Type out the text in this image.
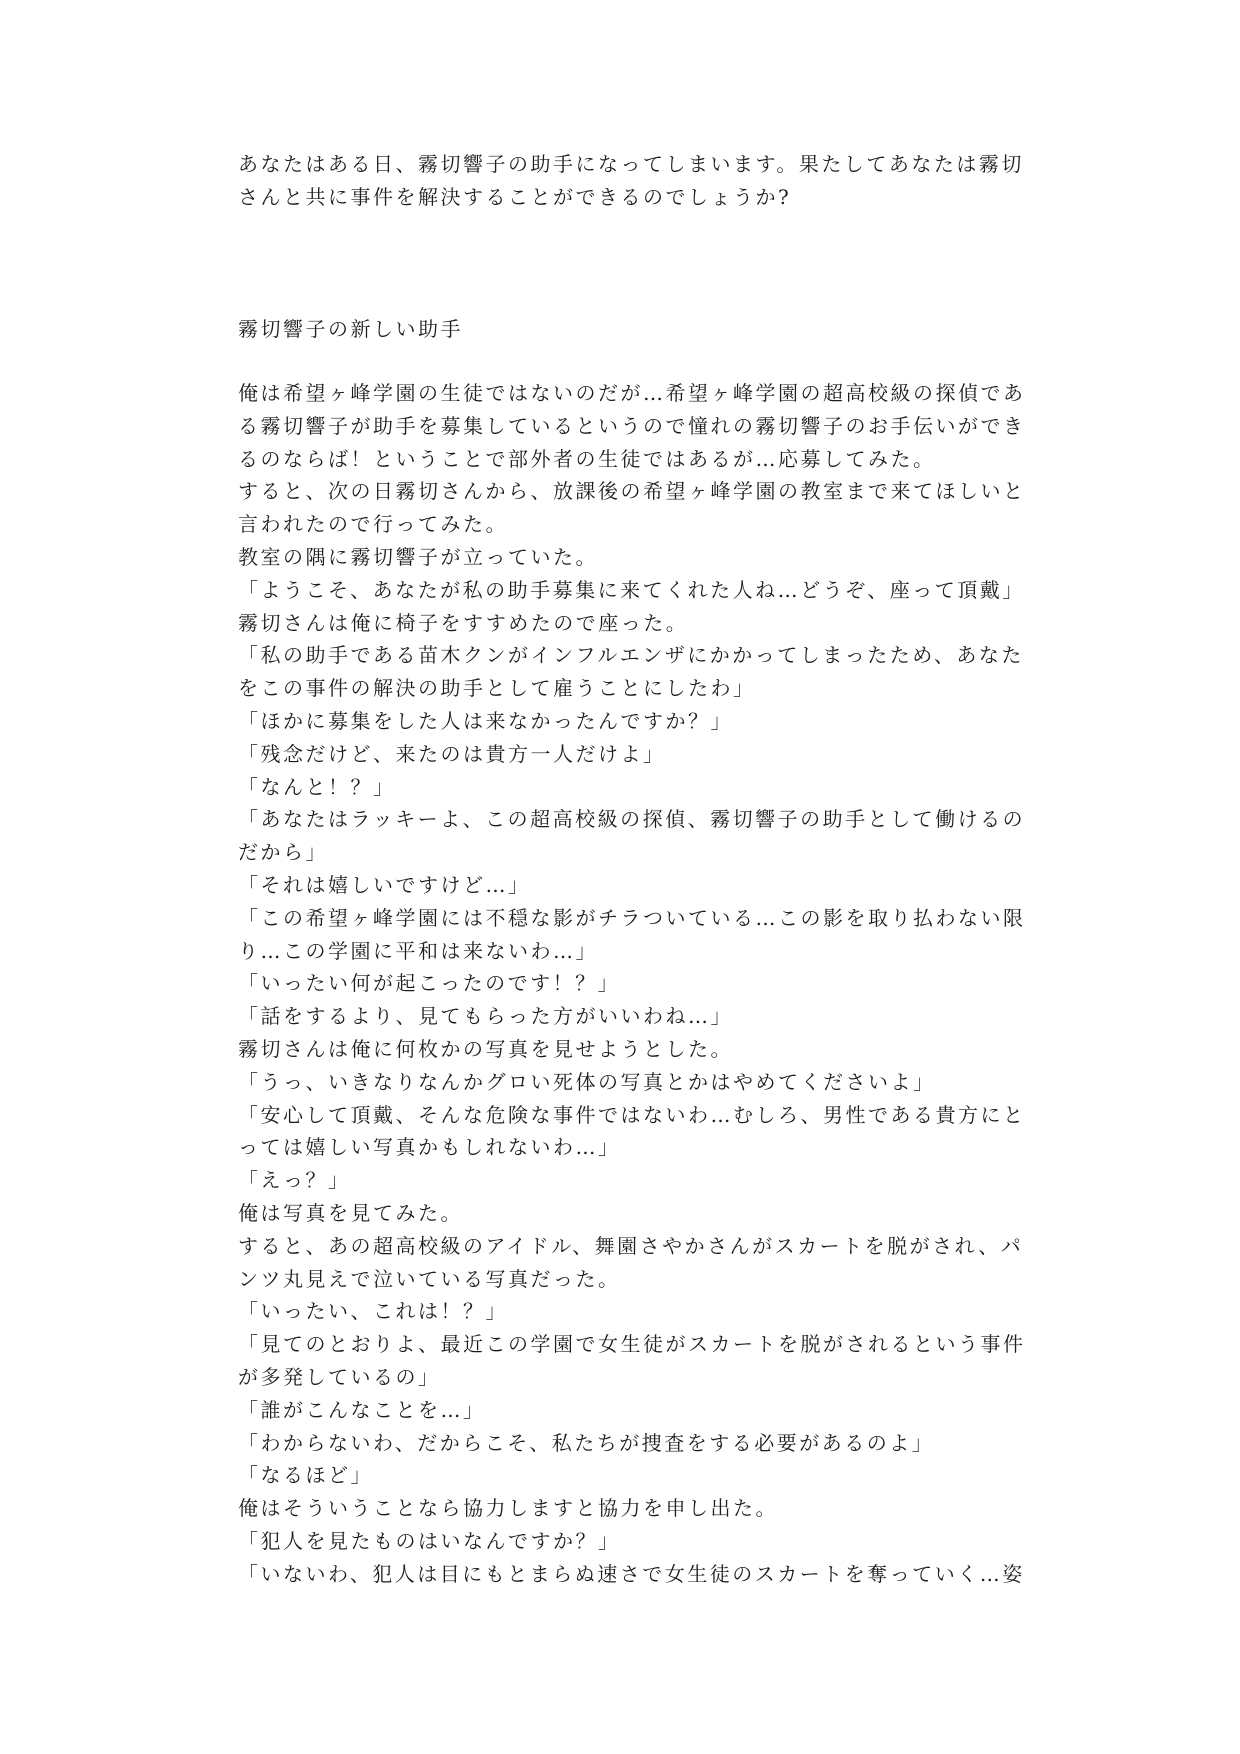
あなたはある日、霧切響子の助手になってしまいます。果たしてあなたは霧切
さんと共に事件を解決することができるのでしょうか?
霧切響子の新しい助手
俺は希望ヶ峰学園の生徒ではないのだが…希望ヶ峰学園の超高校級の探偵であ
る霧切響子が助手を募集しているというので憧れの霧切響子のお手伝いができ
るのならば！ということで部外者の生徒ではあるが…応募してみた。
すると、次の日霧切さんから、放課後の希望ヶ峰学園の教室まで来てほしいと
言われたので行ってみた。
教室の隅に霧切響子が立っていた。
「ようこそ、あなたが私の助手募集に来てくれた人ね…どうぞ、座って頂戴」
霧切さんは俺に椅子をすすめたので座った。
「私の助手である苗木クンがインフルエンザにかかってしまったため、あなた
をこの事件の解決の助手として雇うことにしたわ」
「ほかに募集をした人は来なかったんですか？」
「残念だけど、来たのは貴方一人だけよ」
「なんと！？」
「あなたはラッキーよ、この超高校級の探偵、霧切響子の助手として働けるの
だから」
「それは嬉しいですけど…」
「この希望ヶ峰学園には不穏な影がチラついている…この影を取り払わない限
り…この学園に平和は来ないわ…」
「いったい何が起こったのです！？」
「話をするより、見てもらった方がいいわね…」
霧切さんは俺に何枚かの写真を見せようとした。
「うっ、いきなりなんかグロい死体の写真とかはやめてくださいよ」
「安心して頂戴、そんな危険な事件ではないわ…むしろ、男性である貴方にと
っては嬉しい写真かもしれないわ…」
「えっ？」
俺は写真を見てみた。
すると、あの超高校級のアイドル、舞園さやかさんがスカートを脱がされ、パ
ンツ丸見えで泣いている写真だった。
「いったい、これは！？」
「見てのとおりよ、最近この学園で女生徒がスカートを脱がされるという事件
が多発しているの」
「誰がこんなことを…」
「わからないわ、だからこそ、私たちが捜査をする必要があるのよ」
「なるほど」
俺はそういうことなら協力しますと協力を申し出た。
「犯人を見たものはいなんですか？」
「いないわ、犯人は目にもとまらぬ速さで女生徒のスカートを奪っていく…姿
